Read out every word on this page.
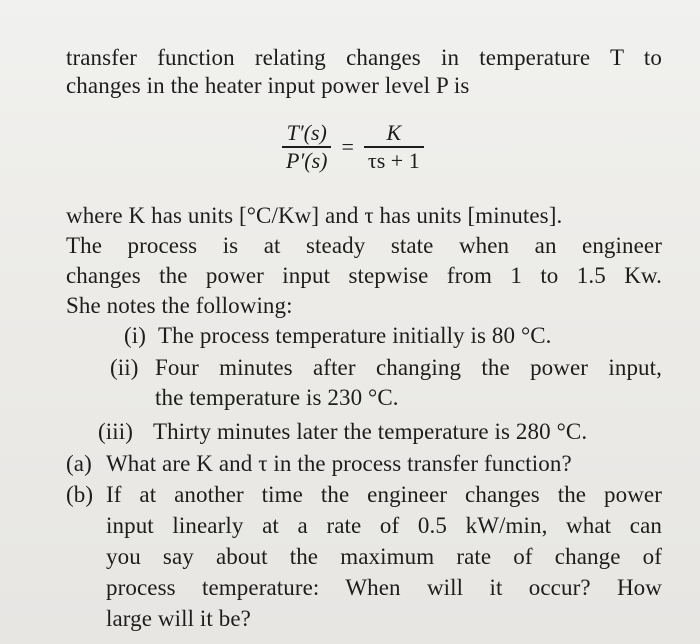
transfer function relating changes in temperature T to
changes in the heater input power level P is
$\frac{T'(s)}{P'(s)} = \frac{K}{\tau s + 1}$
where K has units [°C/Kw] and τ has units [minutes].
The process is at steady state when an engineer
changes the power input stepwise from 1 to 1.5 Kw.
She notes the following:
(i) The process temperature initially is 80 °C.
(ii) Four minutes after changing the power input,
the temperature is 230 °C.
(iii) Thirty minutes later the temperature is 280 °C.
(a) What are K and τ in the process transfer function?
(b) If at another time the engineer changes the power
input linearly at a rate of 0.5 kW/min, what can
you say about the maximum rate of change of
process temperature: When will it occur? How
large will it be?
